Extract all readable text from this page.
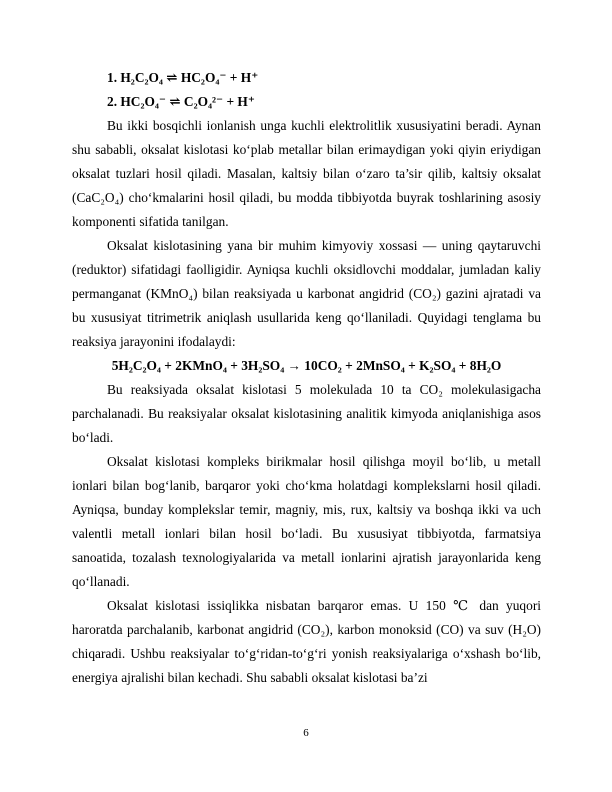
1. H₂C₂O₄ ⇌ HC₂O₄⁻ + H⁺

2. HC₂O₄⁻ ⇌ C₂O₄²⁻ + H⁺

Bu ikki bosqichli ionlanish unga kuchli elektrolitlik xususiyatini beradi. Aynan shu sababli, oksalat kislotasi ko‘plab metallar bilan erimaydigan yoki qiyin eriydigan oksalat tuzlari hosil qiladi. Masalan, kaltsiy bilan o‘zaro ta’sir qilib, kaltsiy oksalat (CaC₂O₄) cho‘kmalarini hosil qiladi, bu modda tibbiyotda buyrak toshlarining asosiy komponenti sifatida tanilgan.

Oksalat kislotasining yana bir muhim kimyoviy xossasi — uning qaytaruvchi (reduktor) sifatidagi faolligidir. Ayniqsa kuchli oksidlovchi moddalar, jumladan kaliy permanganat (KMnO₄) bilan reaksiyada u karbonat angidrid (CO₂) gazini ajratadi va bu xususiyat titrimetrik aniqlash usullarida keng qo‘llaniladi. Quyidagi tenglama bu reaksiya jarayonini ifodalaydi:

5H₂C₂O₄ + 2KMnO₄ + 3H₂SO₄ → 10CO₂ + 2MnSO₄ + K₂SO₄ + 8H₂O

Bu reaksiyada oksalat kislotasi 5 molekulada 10 ta CO₂ molekulasigacha parchalanadi. Bu reaksiyalar oksalat kislotasining analitik kimyoda aniqlanishiga asos bo‘ladi.

Oksalat kislotasi kompleks birikmalar hosil qilishga moyil bo‘lib, u metall ionlari bilan bog‘lanib, barqaror yoki cho‘kma holatdagi komplekslarni hosil qiladi. Ayniqsa, bunday komplekslar temir, magniy, mis, rux, kaltsiy va boshqa ikki va uch valentli metall ionlari bilan hosil bo‘ladi. Bu xususiyat tibbiyotda, farmatsiya sanoatida, tozalash texnologiyalarida va metall ionlarini ajratish jarayonlarida keng qo‘llanadi.

Oksalat kislotasi issiqlikka nisbatan barqaror emas. U 150 ℃ dan yuqori haroratda parchalanib, karbonat angidrid (CO₂), karbon monoksid (CO) va suv (H₂O) chiqaradi. Ushbu reaksiyalar to‘g‘ridan-to‘g‘ri yonish reaksiyalariga o‘xshash bo‘lib, energiya ajralishi bilan kechadi. Shu sababli oksalat kislotasi ba’zi

6
